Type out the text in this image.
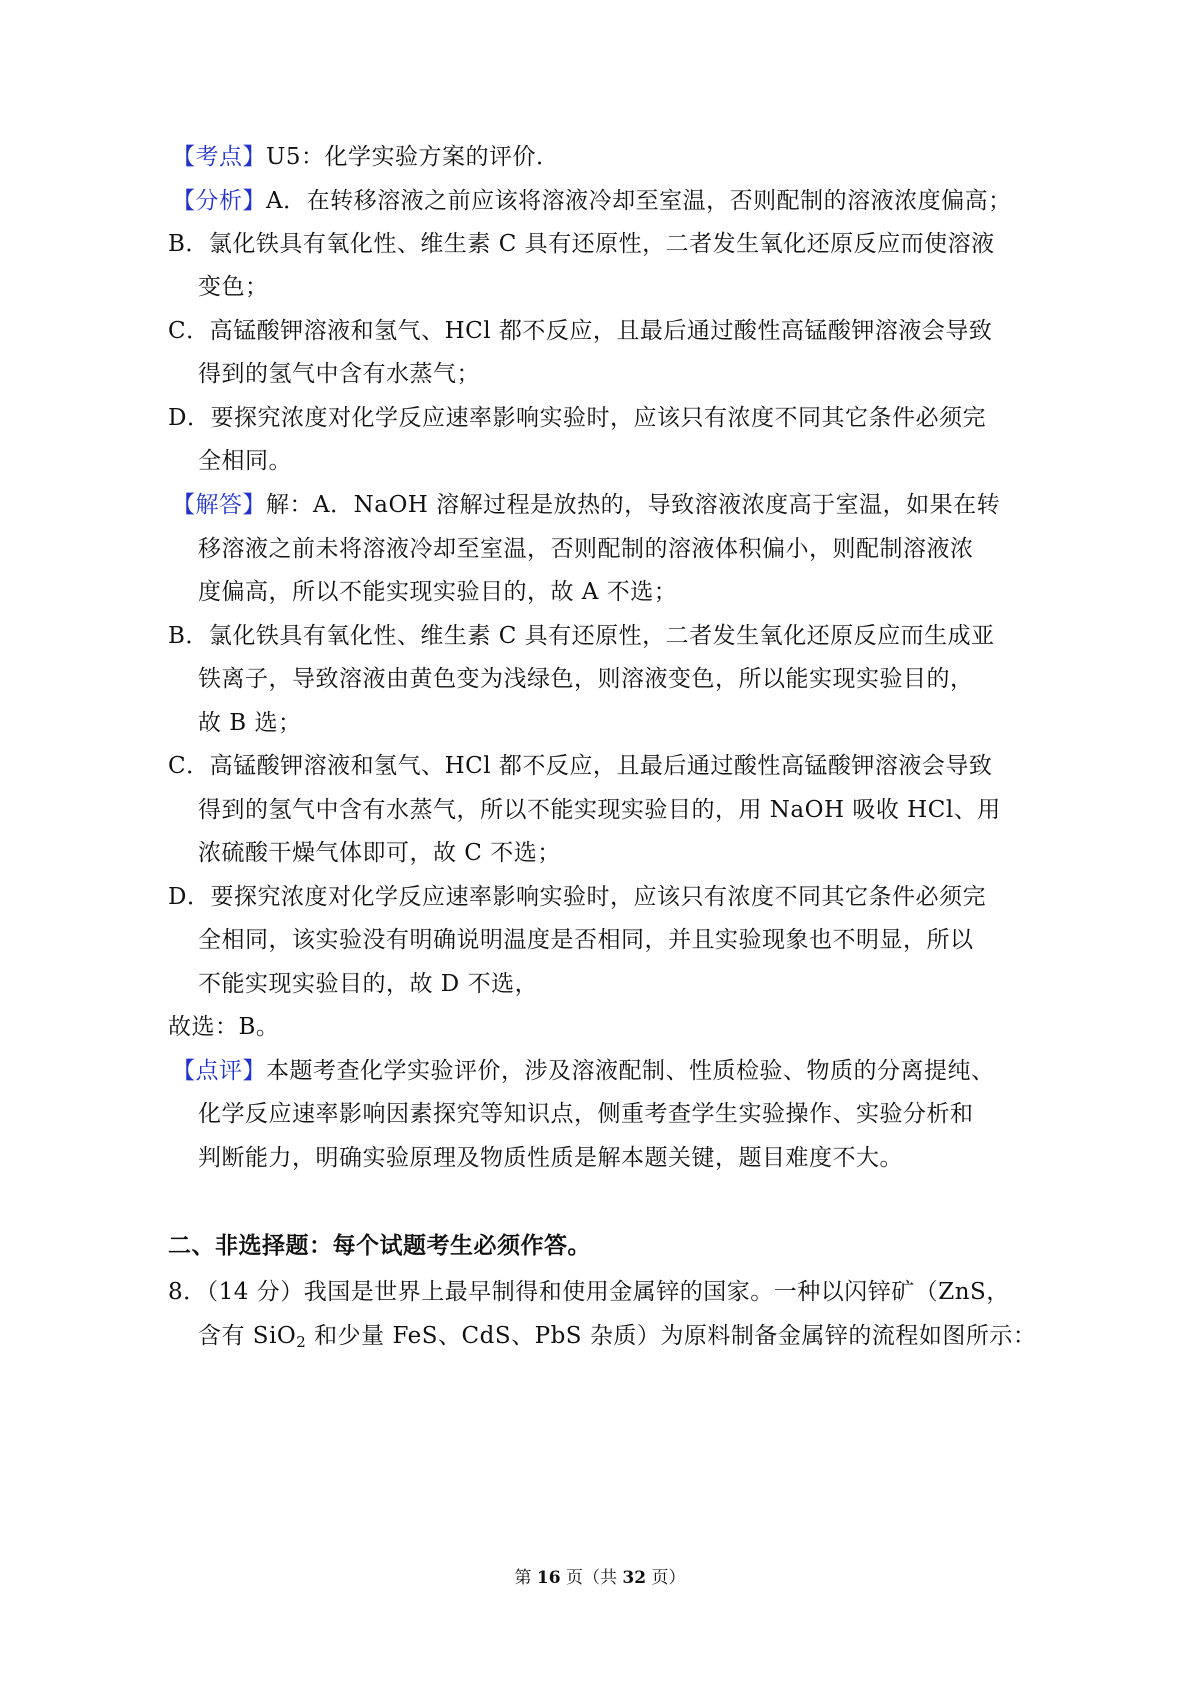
【考点】U5：化学实验方案的评价．
【分析】A．在转移溶液之前应该将溶液冷却至室温，否则配制的溶液浓度偏高；
B．氯化铁具有氧化性、维生素 C 具有还原性，二者发生氧化还原反应而使溶液
变色；
C．高锰酸钾溶液和氢气、HCl 都不反应，且最后通过酸性高锰酸钾溶液会导致
得到的氢气中含有水蒸气；
D．要探究浓度对化学反应速率影响实验时，应该只有浓度不同其它条件必须完
全相同。
【解答】解：A．NaOH 溶解过程是放热的，导致溶液浓度高于室温，如果在转
移溶液之前未将溶液冷却至室温，否则配制的溶液体积偏小，则配制溶液浓
度偏高，所以不能实现实验目的，故 A 不选；
B．氯化铁具有氧化性、维生素 C 具有还原性，二者发生氧化还原反应而生成亚
铁离子，导致溶液由黄色变为浅绿色，则溶液变色，所以能实现实验目的，
故 B 选；
C．高锰酸钾溶液和氢气、HCl 都不反应，且最后通过酸性高锰酸钾溶液会导致
得到的氢气中含有水蒸气，所以不能实现实验目的，用 NaOH 吸收 HCl、用
浓硫酸干燥气体即可，故 C 不选；
D．要探究浓度对化学反应速率影响实验时，应该只有浓度不同其它条件必须完
全相同，该实验没有明确说明温度是否相同，并且实验现象也不明显，所以
不能实现实验目的，故 D 不选，
故选：B。
【点评】本题考查化学实验评价，涉及溶液配制、性质检验、物质的分离提纯、
化学反应速率影响因素探究等知识点，侧重考查学生实验操作、实验分析和
判断能力，明确实验原理及物质性质是解本题关键，题目难度不大。
二、非选择题：每个试题考生必须作答。
8．（14 分）我国是世界上最早制得和使用金属锌的国家。一种以闪锌矿（ZnS，
含有 SiO$_2$ 和少量 FeS、CdS、PbS 杂质）为原料制备金属锌的流程如图所示：
第 16 页（共 32 页）
